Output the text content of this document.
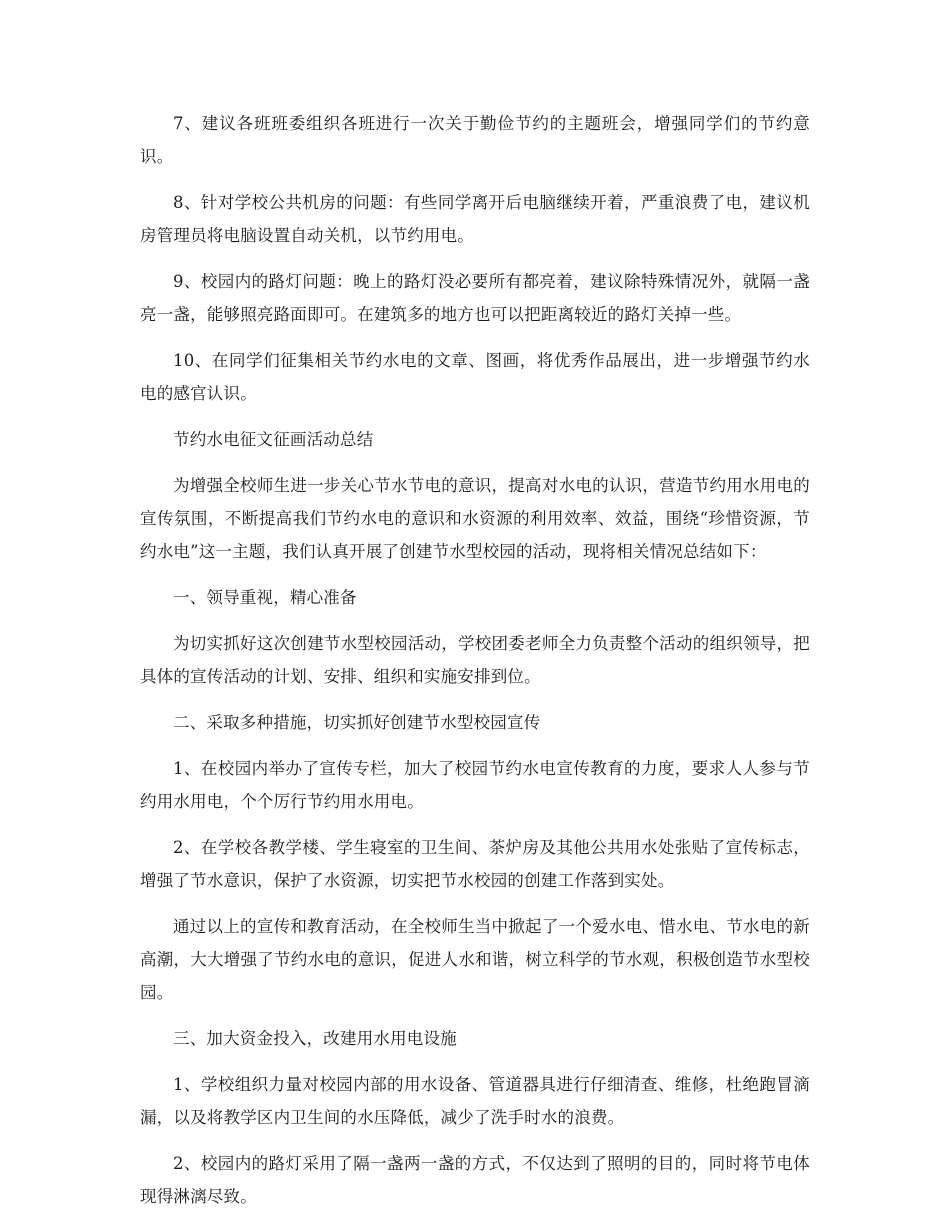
7、建议各班班委组织各班进行一次关于勤俭节约的主题班会，增强同学们的节约意识。

8、针对学校公共机房的问题：有些同学离开后电脑继续开着，严重浪费了电，建议机房管理员将电脑设置自动关机，以节约用电。

9、校园内的路灯问题：晚上的路灯没必要所有都亮着，建议除特殊情况外，就隔一盏亮一盏，能够照亮路面即可。在建筑多的地方也可以把距离较近的路灯关掉一些。

10、在同学们征集相关节约水电的文章、图画，将优秀作品展出，进一步增强节约水电的感官认识。

节约水电征文征画活动总结

为增强全校师生进一步关心节水节电的意识，提高对水电的认识，营造节约用水用电的宣传氛围，不断提高我们节约水电的意识和水资源的利用效率、效益，围绕“珍惜资源，节约水电”这一主题，我们认真开展了创建节水型校园的活动，现将相关情况总结如下：

一、领导重视，精心准备

为切实抓好这次创建节水型校园活动，学校团委老师全力负责整个活动的组织领导，把具体的宣传活动的计划、安排、组织和实施安排到位。

二、采取多种措施，切实抓好创建节水型校园宣传

1、在校园内举办了宣传专栏，加大了校园节约水电宣传教育的力度，要求人人参与节约用水用电，个个厉行节约用水用电。

2、在学校各教学楼、学生寝室的卫生间、茶炉房及其他公共用水处张贴了宣传标志，增强了节水意识，保护了水资源，切实把节水校园的创建工作落到实处。

通过以上的宣传和教育活动，在全校师生当中掀起了一个爱水电、惜水电、节水电的新高潮，大大增强了节约水电的意识，促进人水和谐，树立科学的节水观，积极创造节水型校园。

三、加大资金投入，改建用水用电设施

1、学校组织力量对校园内部的用水设备、管道器具进行仔细清查、维修，杜绝跑冒滴漏，以及将教学区内卫生间的水压降低，减少了洗手时水的浪费。

2、校园内的路灯采用了隔一盏两一盏的方式，不仅达到了照明的目的，同时将节电体现得淋漓尽致。
